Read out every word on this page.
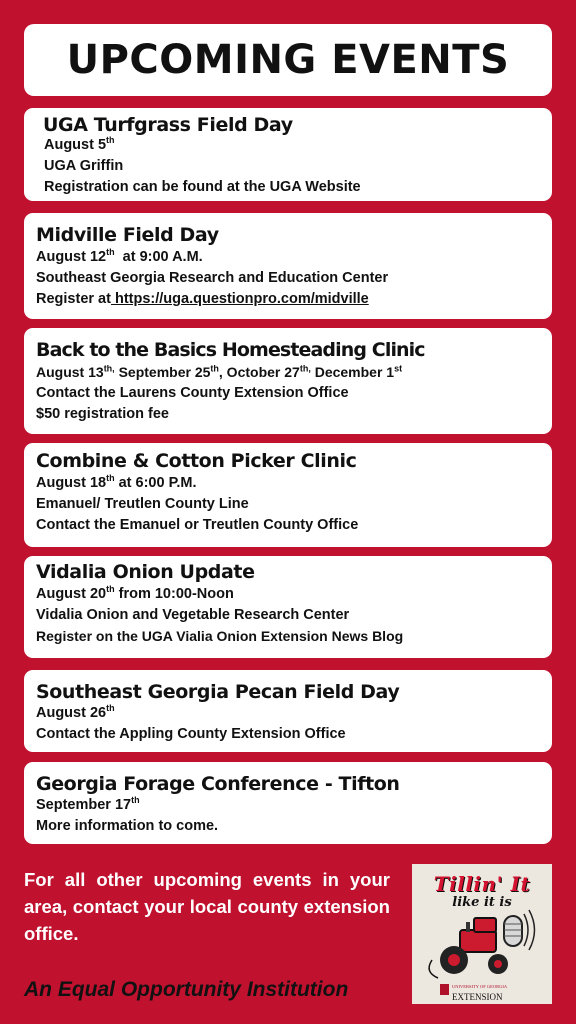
UPCOMING EVENTS
UGA Turfgrass Field Day

August 5th

UGA Griffin

Registration can be found at the UGA Website

Midville Field Day

August 12th  at 9:00 A.M.

Southeast Georgia Research and Education Center

Register at https://uga.questionpro.com/midville

Back to the Basics Homesteading Clinic

August $13^{th,}$ September 25th, October $27^{th,}$ December 1st

Contact the Laurens County Extension Office

$50 registration fee

Combine & Cotton Picker Clinic

August 18th at 6:00 P.M.

Emanuel/ Treutlen County Line

Contact the Emanuel or Treutlen County Office

Vidalia Onion Update

August 20th from 10:00-Noon

Vidalia Onion and Vegetable Research Center

Register on the UGA Vialia Onion Extension News Blog

Southeast Georgia Pecan Field Day

August 26th

Contact the Appling County Extension Office

Georgia Forage Conference - Tifton

September 17th

More information to come.

For all other upcoming events in your area, contact your local county extension office.

An Equal Opportunity Institution

Tillin' It
like it is
UNIVERSITY OF GEORGIA
EXTENSION
